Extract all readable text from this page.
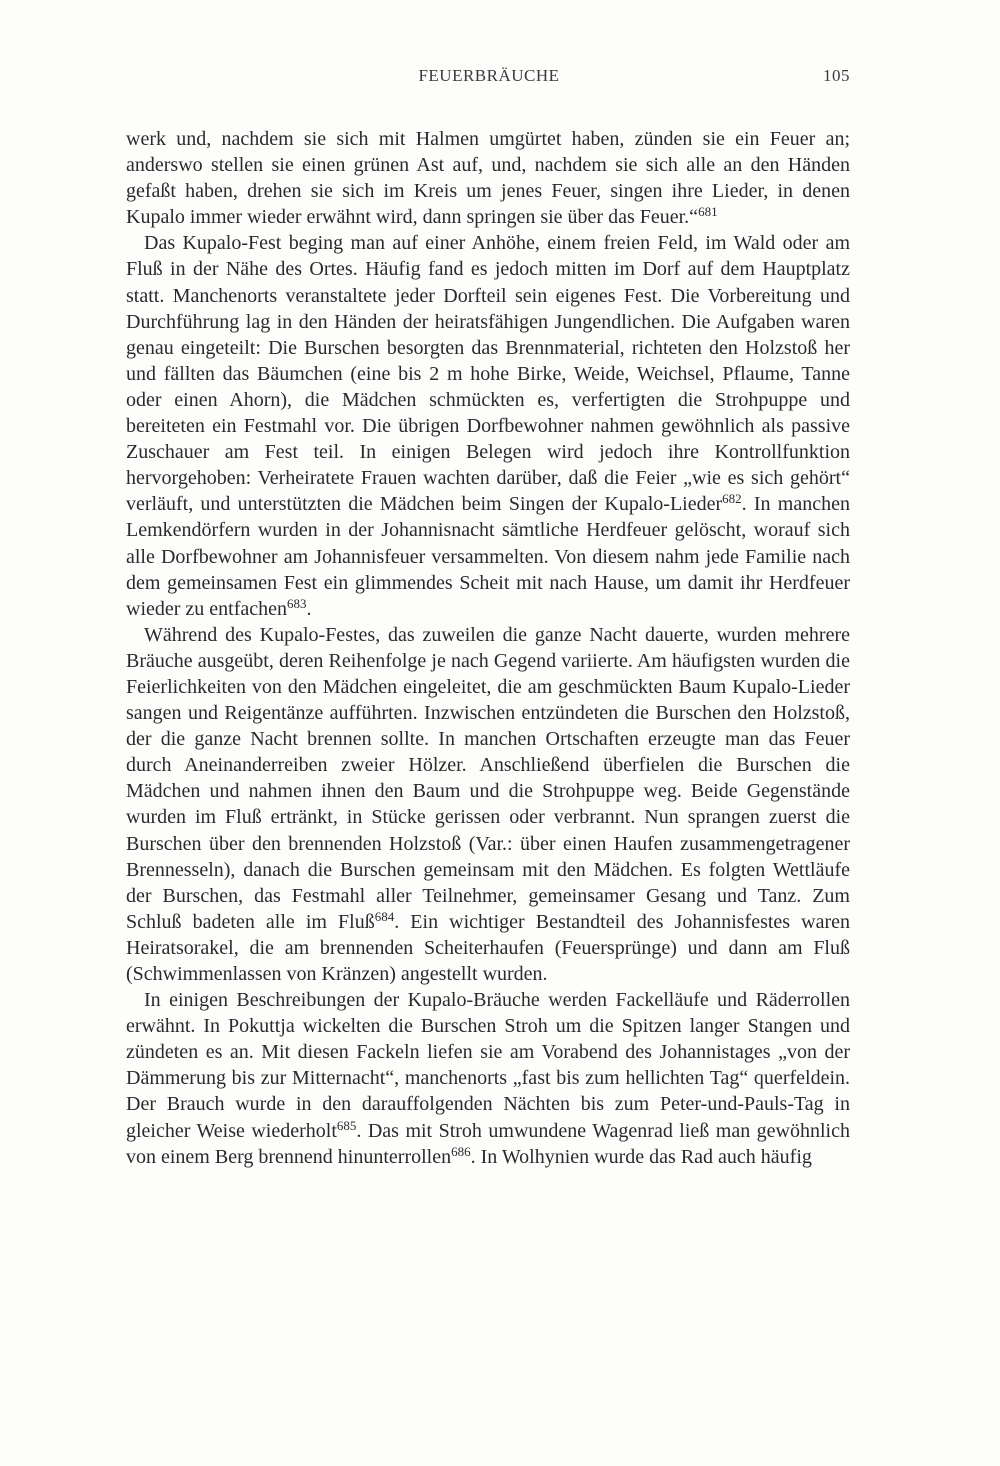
FEUERBRÄUCHE	105

werk und, nachdem sie sich mit Halmen umgürtet haben, zünden sie ein Feuer an; anderswo stellen sie einen grünen Ast auf, und, nachdem sie sich alle an den Händen gefaßt haben, drehen sie sich im Kreis um jenes Feuer, singen ihre Lieder, in denen Kupalo immer wieder erwähnt wird, dann springen sie über das Feuer.“$^{681}$

Das Kupalo-Fest beging man auf einer Anhöhe, einem freien Feld, im Wald oder am Fluß in der Nähe des Ortes. Häufig fand es jedoch mitten im Dorf auf dem Hauptplatz statt. Manchenorts veranstaltete jeder Dorfteil sein eigenes Fest. Die Vorbereitung und Durchführung lag in den Händen der heiratsfähigen Jungendlichen. Die Aufgaben waren genau eingeteilt: Die Burschen besorgten das Brennmaterial, richteten den Holzstoß her und fällten das Bäumchen (eine bis 2 m hohe Birke, Weide, Weichsel, Pflaume, Tanne oder einen Ahorn), die Mädchen schmückten es, verfertigten die Strohpuppe und bereiteten ein Festmahl vor. Die übrigen Dorfbewohner nahmen gewöhnlich als passive Zuschauer am Fest teil. In einigen Belegen wird jedoch ihre Kontrollfunktion hervorgehoben: Verheiratete Frauen wachten darüber, daß die Feier „wie es sich gehört“ verläuft, und unterstützten die Mädchen beim Singen der Kupalo-Lieder$^{682}$. In manchen Lemkendörfern wurden in der Johannisnacht sämtliche Herdfeuer gelöscht, worauf sich alle Dorfbewohner am Johannisfeuer versammelten. Von diesem nahm jede Familie nach dem gemeinsamen Fest ein glimmendes Scheit mit nach Hause, um damit ihr Herdfeuer wieder zu entfachen$^{683}$.

Während des Kupalo-Festes, das zuweilen die ganze Nacht dauerte, wurden mehrere Bräuche ausgeübt, deren Reihenfolge je nach Gegend variierte. Am häufigsten wurden die Feierlichkeiten von den Mädchen eingeleitet, die am geschmückten Baum Kupalo-Lieder sangen und Reigentänze aufführten. Inzwischen entzündeten die Burschen den Holzstoß, der die ganze Nacht brennen sollte. In manchen Ortschaften erzeugte man das Feuer durch Aneinanderreiben zweier Hölzer. Anschließend überfielen die Burschen die Mädchen und nahmen ihnen den Baum und die Strohpuppe weg. Beide Gegenstände wurden im Fluß ertränkt, in Stücke gerissen oder verbrannt. Nun sprangen zuerst die Burschen über den brennenden Holzstoß (Var.: über einen Haufen zusammengetragener Brennesseln), danach die Burschen gemeinsam mit den Mädchen. Es folgten Wettläufe der Burschen, das Festmahl aller Teilnehmer, gemeinsamer Gesang und Tanz. Zum Schluß badeten alle im Fluß$^{684}$. Ein wichtiger Bestandteil des Johannisfestes waren Heiratsorakel, die am brennenden Scheiterhaufen (Feuersprünge) und dann am Fluß (Schwimmenlassen von Kränzen) angestellt wurden.

In einigen Beschreibungen der Kupalo-Bräuche werden Fackelläufe und Räderrollen erwähnt. In Pokuttja wickelten die Burschen Stroh um die Spitzen langer Stangen und zündeten es an. Mit diesen Fackeln liefen sie am Vorabend des Johannistages „von der Dämmerung bis zur Mitternacht“, manchenorts „fast bis zum hellichten Tag“ querfeldein. Der Brauch wurde in den darauffolgenden Nächten bis zum Peter-und-Pauls-Tag in gleicher Weise wiederholt$^{685}$. Das mit Stroh umwundene Wagenrad ließ man gewöhnlich von einem Berg brennend hinunterrollen$^{686}$. In Wolhynien wurde das Rad auch häufig
